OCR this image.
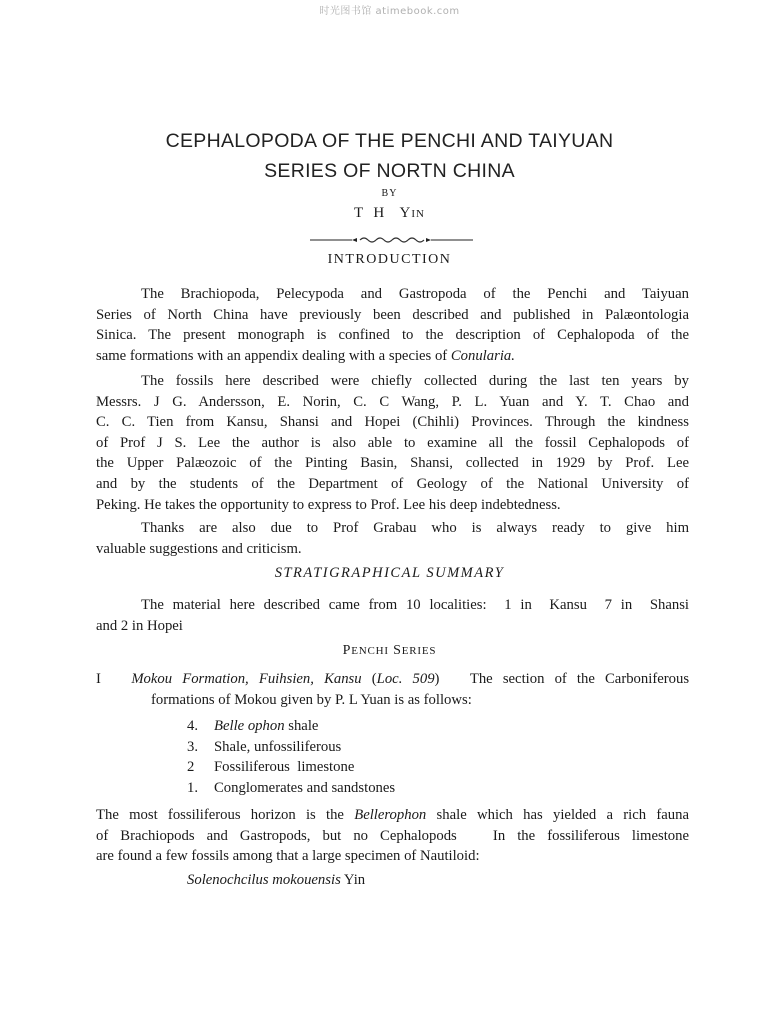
时光图书馆 atimebook.com
CEPHALOPODA OF THE PENCHI AND TAIYUAN
SERIES OF NORTN CHINA
BY
T  H YIN
INTRODUCTION
The Brachiopoda, Pelecypoda and Gastropoda of the Penchi and Taiyuan
Series of North China have previously been described and published in Palæontologia
Sinica. The present monograph is confined to the description of Cephalopoda of the
same formations with an appendix dealing with a species of Conularia.
The fossils here described were chiefly collected during the last ten years by
Messrs. J G. Andersson, E. Norin, C. C Wang, P. L. Yuan and Y. T. Chao and
C. C. Tien from Kansu, Shansi and Hopei (Chihli) Provinces. Through the kindness
of Prof J S. Lee the author is also able to examine all the fossil Cephalopods of
the Upper Palæozoic of the Pinting Basin, Shansi, collected in 1929 by Prof. Lee
and by the students of the Department of Geology of the National University of
Peking. He takes the opportunity to express to Prof. Lee his deep indebtedness.
Thanks are also due to Prof Grabau who is always ready to give him
valuable suggestions and criticism.
STRATIGRAPHICAL SUMMARY
The material here described came from 10 localities:  1 in  Kansu  7 in  Shansi
and 2 in Hopei
PENCHI SERIES
I Mokou Formation, Fuihsien, Kansu (Loc. 509) The section of the Carboniferous
formations of Mokou given by P. L Yuan is as follows:
4.	Belle ophon shale
3.	Shale, unfossiliferous
2	Fossiliferous  limestone
1.	Conglomerates and sandstones
The most fossiliferous horizon is the Bellerophon shale which has yielded a rich fauna
of Brachiopods and Gastropods, but no Cephalopods   In the fossiliferous limestone
are found a few fossils among that a large specimen of Nautiloid:
Solenochcilus mokouensis Yin
